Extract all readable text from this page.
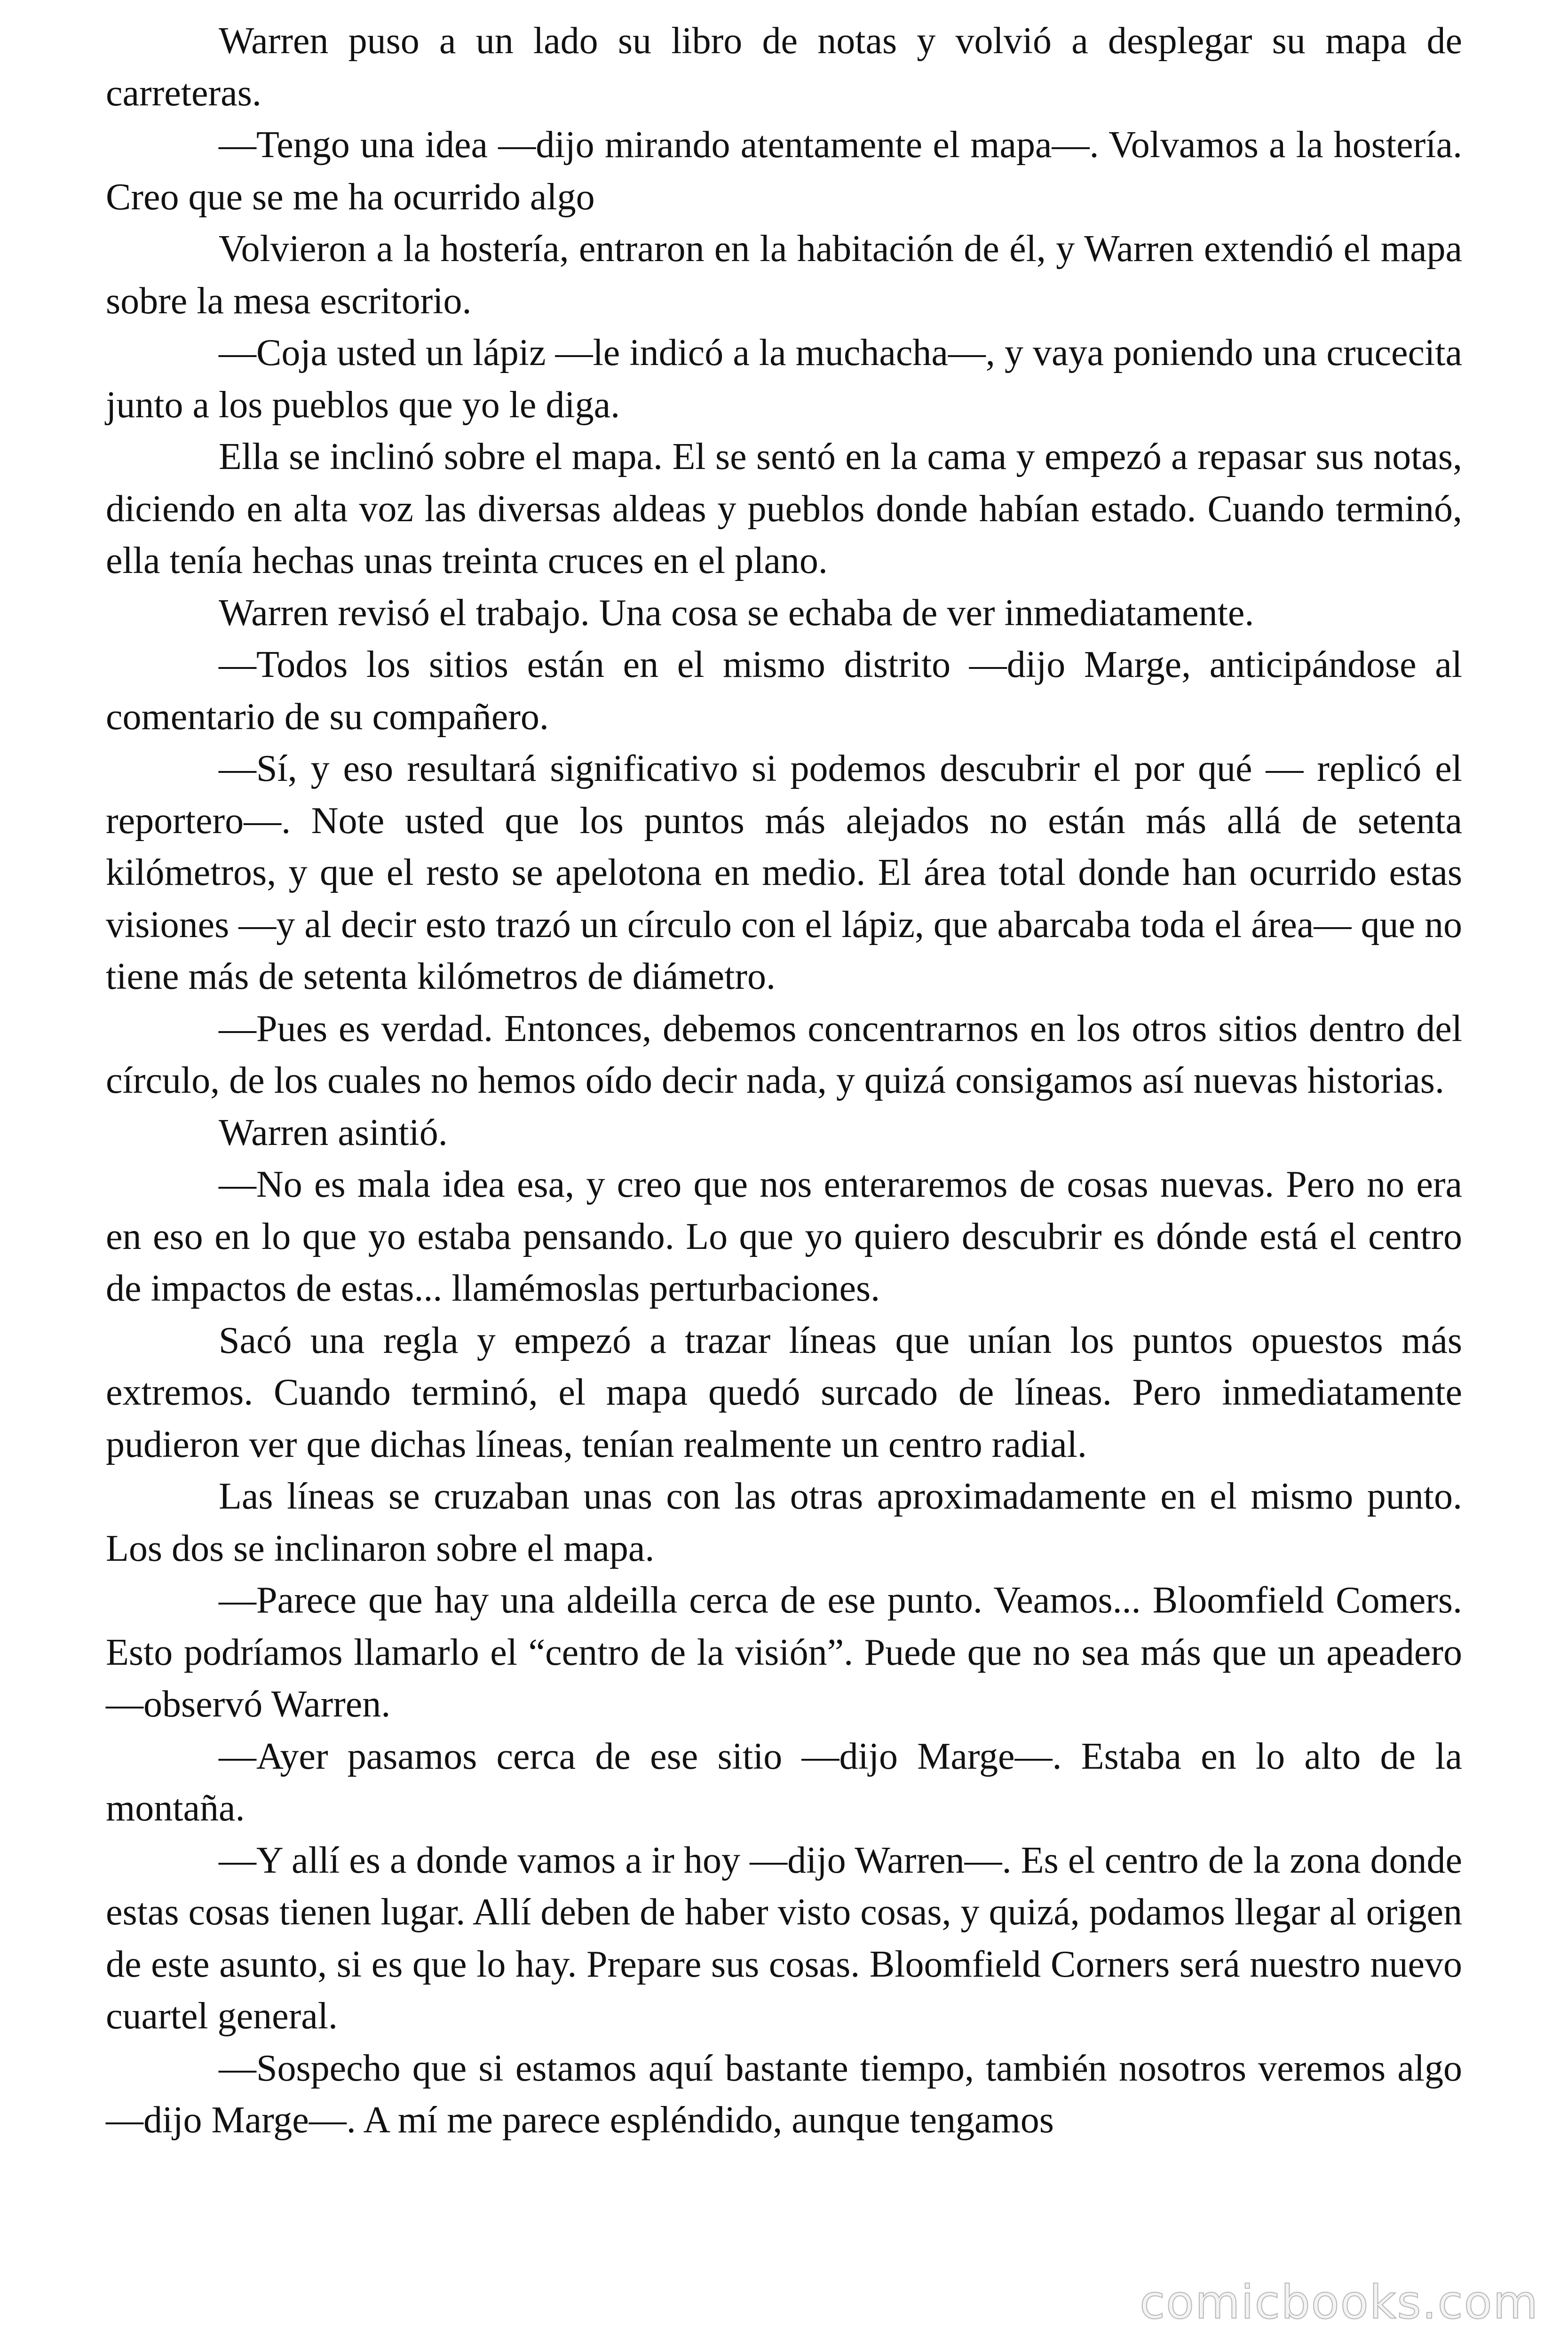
Warren puso a un lado su libro de notas y volvió a desplegar su mapa de carreteras.

—Tengo una idea —dijo mirando atentamente el mapa—. Volvamos a la hostería. Creo que se me ha ocurrido algo

Volvieron a la hostería, entraron en la habitación de él, y Warren extendió el mapa sobre la mesa escritorio.

—Coja usted un lápiz —le indicó a la muchacha—, y vaya poniendo una crucecita junto a los pueblos que yo le diga.

Ella se inclinó sobre el mapa. El se sentó en la cama y empezó a repasar sus notas, diciendo en alta voz las diversas aldeas y pueblos donde habían estado. Cuando terminó, ella tenía hechas unas treinta cruces en el plano.

Warren revisó el trabajo. Una cosa se echaba de ver inmediatamente.

—Todos los sitios están en el mismo distrito —dijo Marge, anticipándose al comentario de su compañero.

—Sí, y eso resultará significativo si podemos descubrir el por qué — replicó el reportero—. Note usted que los puntos más alejados no están más allá de setenta kilómetros, y que el resto se apelotona en medio. El área total donde han ocurrido estas visiones —y al decir esto trazó un círculo con el lápiz, que abarcaba toda el área— que no tiene más de setenta kilómetros de diámetro.

—Pues es verdad. Entonces, debemos concentrarnos en los otros sitios dentro del círculo, de los cuales no hemos oído decir nada, y quizá consigamos así nuevas historias.

Warren asintió.

—No es mala idea esa, y creo que nos enteraremos de cosas nuevas. Pero no era en eso en lo que yo estaba pensando. Lo que yo quiero descubrir es dónde está el centro de impactos de estas... llamémoslas perturbaciones.

Sacó una regla y empezó a trazar líneas que unían los puntos opuestos más extremos. Cuando terminó, el mapa quedó surcado de líneas. Pero inmediatamente pudieron ver que dichas líneas, tenían realmente un centro radial.

Las líneas se cruzaban unas con las otras aproximadamente en el mismo punto. Los dos se inclinaron sobre el mapa.

—Parece que hay una aldeilla cerca de ese punto. Veamos... Bloomfield Comers. Esto podríamos llamarlo el “centro de la visión”. Puede que no sea más que un apeadero —observó Warren.

—Ayer pasamos cerca de ese sitio —dijo Marge—. Estaba en lo alto de la montaña.

—Y allí es a donde vamos a ir hoy —dijo Warren—. Es el centro de la zona donde estas cosas tienen lugar. Allí deben de haber visto cosas, y quizá, podamos llegar al origen de este asunto, si es que lo hay. Prepare sus cosas. Bloomfield Corners será nuestro nuevo cuartel general.

—Sospecho que si estamos aquí bastante tiempo, también nosotros veremos algo —dijo Marge—. A mí me parece espléndido, aunque tengamos

comicbooks.com
